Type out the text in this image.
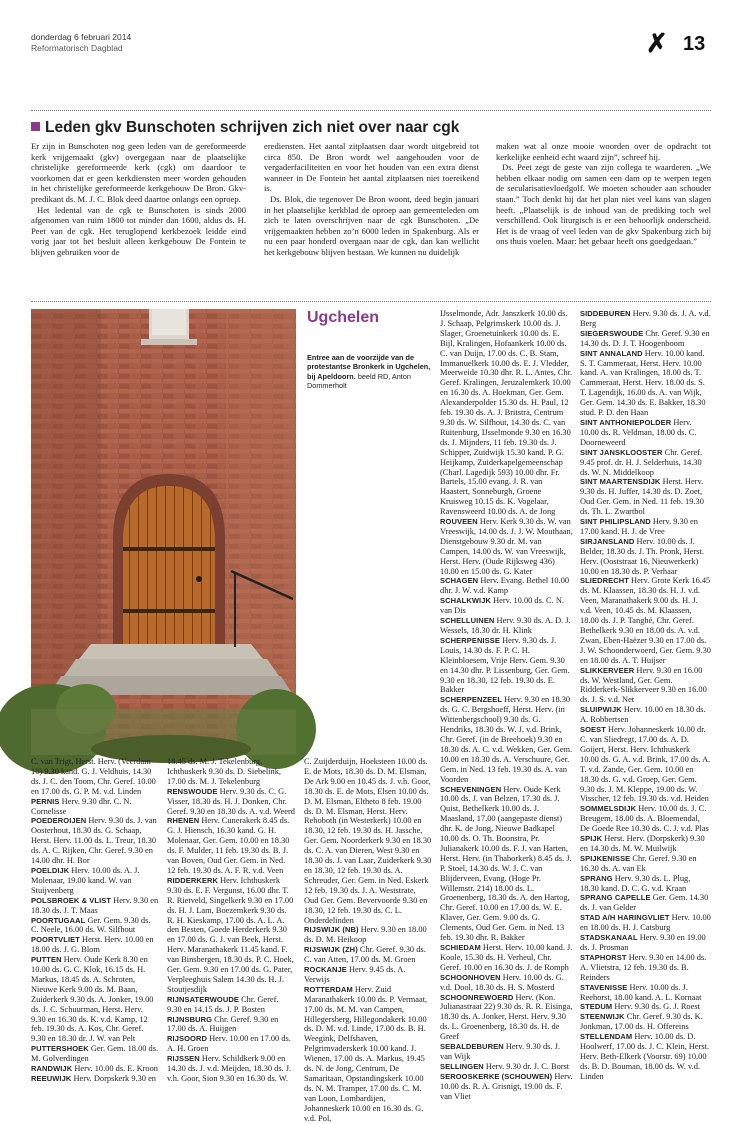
donderdag 6 februari 2014
Reformatorisch Dagblad	✗ 13
Leden gkv Bunschoten schrijven zich niet over naar cgk

Er zijn in Bunschoten nog geen leden van de gereformeerde kerk vrijgemaakt (gkv) overgegaan naar de plaatselijke christelijke gereformeerde kerk (cgk) om daardoor te voorkomen dat er geen kerkdiensten meer worden gehouden in het christelijke gereformeerde kerkgebouw De Bron. Gkv-predikant ds. M. J. C. Blok deed daartoe onlangs een oproep.

Het ledental van de cgk te Bunschoten is sinds 2000 afgenomen van ruim 1800 tot minder dan 1600, aldus ds. H. Peet van de cgk. Het teruglopend kerkbezoek leidde eind vorig jaar tot het besluit alleen kerkgebouw De Fontein te blijven gebruiken voor de

erediensten. Het aantal zitplaatsen daar wordt uitgebreid tot circa 850. De Bron wordt wel aangehouden voor de vergaderfaciliteiten en voor het houden van een extra dienst wanneer in De Fontein het aantal zitplaatsen niet toereikend is.

Ds. Blok, die tegenover De Bron woont, deed begin januari in het plaatselijke kerkblad de oproep aan gemeenteleden om zich te laten overschrijven naar de cgk Bunschoten. „De vrijgemaakten hebben zo’n 6000 leden in Spakenburg. Als er nu een paar honderd overgaan naar de cgk, dan kan wellicht het kerkgebouw blijven bestaan. We kunnen nu duidelijk

maken wat al onze mooie woorden over de opdracht tot kerkelijke eenheid echt waard zijn”, schreef hij.

Ds. Peet zegt de geste van zijn collega te waarderen. „We hebben elkaar nodig om samen een dam op te werpen tegen de secularisatievloedgolf. We moeten schouder aan schouder staan.” Toch denkt hij dat het plan niet veel kans van slagen heeft. „Plaatselijk is de inhoud van de prediking toch wel verschillend. Ook liturgisch is er een behoorlijk onderscheid. Het is de vraag of veel leden van de gkv Spakenburg zich bij ons thuis voelen. Maar: het gebaar heeft ons goedgedaan.”

Ugchelen
Entree aan de voorzijde van de protestantse Bronkerk in Ugchelen, bij Apeldoorn. beeld RD, Anton Dommerholt
IJsselmonde, Adr. Janszkerk 10.00 ds. J. Schaap, Pelgrimskerk 10.00 ds. J. Slager, Groenetuinkerk 10.00 ds. E. Bijl, Kralingen, Hofaankerk 10.00 ds. C. van Duijn, 17.00 ds. C. B. Stam, Immanuelkerk 10.00 ds. E. J. Vledder, Meerweide 10.30 dhr. R. L. Antes, Chr. Geref. Kralingen, Jeruzalemkerk 10.00 en 16.30 ds. A. Hoekman, Ger. Gem. Alexanderpolder 15.30 ds. H. Paul, 12 feb. 19.30 ds. A. J. Britstra, Centrum 9.30 ds. W. Silfhout, 14.30 ds. C. van Ruitenburg, IJsselmonde 9.30 en 16.30 ds. J. Mijnders, 11 feb. 19.30 ds. J. Schipper, Zuidwijk 15.30 kand. P. G. Heijkamp, Zuiderkapelgemeenschap (Charl. Lagedijk 593) 10.00 dhr. Fr. Bartels, 15.00 evang. J. R. van Haastert, Sonneburgh, Groene Kruisweg 10.15 ds. K. Vogelaar, Ravensweerd 10.00 ds. A. de Jong
ROUVEEN Herv. Kerk 9.30 ds. W. van Vreeswijk, 14.00 ds. J. J. W. Mouthaan, Dienstgebouw 9.30 dr. M. van Campen, 14.00 ds. W. van Vreeswijk, Herst. Herv. (Oude Rijksweg 436) 10.00 en 15.00 ds. G. Kater
SCHAGEN Herv. Evang. Bethel 10.00 dhr. J. W. v.d. Kamp
SCHALKWIJK Herv. 10.00 ds. C. N. van Dis
SCHELLUINEN Herv. 9.30 ds. A. D. J. Wessels, 18.30 dr. H. Klink
SCHERPENISSE Herv. 9.30 ds. J. Louis, 14.30 ds. F. P. C. H. Kleinbloesem, Vrije Herv. Gem. 9.30 en 14.30 dhr. P. Lissenburg, Ger. Gem. 9.30 en 18.30, 12 feb. 19.30 ds. E. Bakker
SCHERPENZEEL Herv. 9.30 en 18.30 ds. G. C. Bergshoeff, Herst. Herv. (in Wittenbergschool) 9.30 ds. G. Hendriks, 18.30 ds. W. J. v.d. Brink, Chr. Geref. (in de Breehoek) 9.30 en 18.30 ds. A. C. v.d. Wekken, Ger. Gem. 10.00 en 18.30 ds. A. Verschuure, Ger. Gem. in Ned. 13 feb. 19.30 ds. A. van Voorden
SCHEVENINGEN Herv. Oude Kerk 10.00 ds. J. van Belzen, 17.30 ds. J. Quist, Bethelkerk 10.00 ds. J. Maasland, 17.00 (aangepaste dienst) dhr. K. de Jong, Nieuwe Badkapel 10.00 ds. O. Th. Boonstra, Pr. Julianakerk 10.00 ds. F. J. van Harten, Herst. Herv. (in Thaborkerk) 8.45 ds. J. P. Stoel, 14.30 ds. W. J. C. van Blijderveen, Evang. (Hoge Pr. Willemstr. 214) 18.00 ds. L. Groenenberg, 18.30 ds. A. den Hartog, Chr. Geref. 10.00 en 17.00 ds. W. E. Klaver, Ger. Gem. 9.00 ds. G. Clements, Oud Ger. Gem. in Ned. 13 feb. 19.30 dhr. R. Bakker
SCHIEDAM Herst. Herv. 10.00 kand. J. Koole, 15.30 ds. H. Verheul, Chr. Geref. 10.00 en 16.30 ds. J. de Romph
SCHOONHOVEN Herv. 10.00 ds. G. v.d. Dool, 18.30 ds. H. S. Mosterd
SCHOONREWOERD Herv. (Kon. Julianastraat 22) 9.30 ds. R. R. Eisinga, 18.30 ds. A. Jonker, Herst. Herv. 9.30 ds. L. Groenenberg, 18.30 ds. H. de Greef
SEBALDEBUREN Herv. 9.30 ds. J. van Wijk
SELLINGEN Herv. 9.30 dr. J. C. Borst
SEROOSKERKE (SCHOUWEN) Herv. 10.00 ds. R. A. Grisnigt, 19.00 ds. F. van Vliet
SIDDEBUREN Herv. 9.30 ds. J. A. v.d. Berg
SIEGERSWOUDE Chr. Geref. 9.30 en 14.30 ds. D. J. T. Hoogenboom
SINT ANNALAND Herv. 10.00 kand. S. T. Cammeraat, Herst. Herv. 10.00 kand. A. van Kralingen, 18.00 ds. T. Cammeraat, Herst. Herv. 18.00 ds. S. T. Lagendijk, 16.00 ds. A. van Wijk, Ger. Gem. 14.30 ds. E. Bakker, 18.30 stud. P. D. den Haan
SINT ANTHONIEPOLDER Herv. 10.00 ds. R. Veldman, 18.00 ds. C. Doorneweerd
SINT JANSKLOOSTER Chr. Geref. 9.45 prof. dr. H. J. Selderhuis, 14.30 ds. W. N. Middelkoop
SINT MAARTENSDIJK Herst. Herv. 9.30 ds. H. Juffer, 14.30 ds. D. Zoet, Oud Ger. Gem. in Ned. 11 feb. 19.30 ds. Th. L. Zwartbol
SINT PHILIPSLAND Herv. 9.30 en 17.00 kand. H. J. de Vree
SIRJANSLAND Herv. 10.00 ds. J. Belder, 18.30 ds. J. Th. Pronk, Herst. Herv. (Ooststraat 16, Nieuwerkerk) 10.00 en 18.30 ds. P. Verhaar
SLIEDRECHT Herv. Grote Kerk 16.45 ds. M. Klaassen, 18.30 ds. H. J. v.d. Veen, Maranathakerk 9.00 ds. H. J. v.d. Veen, 10.45 ds. M. Klaassen, 18.00 ds. J. P. Tanghé, Chr. Geref. Bethelkerk 9.30 en 18.00 ds. A. v.d. Zwan, Eben-Haëzer 9.30 en 17.00 ds. J. W. Schoonderwoerd, Ger. Gem. 9.30 en 18.00 ds. A. T. Huijser
SLIKKERVEER Herv. 9.30 en 16.00 ds. W. Westland, Ger. Gem. Ridderkerk-Slikkerveer 9.30 en 16.00 ds. J. S. v.d. Net
SLUIPWIJK Herv. 10.00 en 18.30 ds. A. Robbertsen
SOEST Herv. Johanneskerk 10.00 dr. C. van Sliedregt, 17.00 ds. A. D. Goijert, Herst. Herv. Ichthuskerk 10.00 ds. G. A. v.d. Brink, 17.00 ds. A. T. v.d. Zande, Ger. Gem. 10.00 en 18.30 ds. G. v.d. Groep, Ger. Gem. 9.30 ds. J. M. Kleppe, 19.00 ds. W. Visscher, 12 feb. 19.30 ds. v.d. Heiden
SOMMELSDIJK Herv. 10.00 ds. J. C. Breugem, 18.00 ds. A. Bloemendal, De Goede Ree 10.30 ds. C. J. v.d. Plas
SPIJK Herst. Herv. (Dorpskerk) 9.30 en 14.30 ds. M. W. Muilwijk
SPIJKENISSE Chr. Geref. 9.30 en 16.30 ds. A. van Ek
SPRANG Herv. 9.30 ds. L. Plug, 18.30 kand. D. C. G. v.d. Kraan
SPRANG CAPELLE Ger. Gem. 14.30 ds. J. van Gelder
STAD A/H HARINGVLIET Herv. 10.00 en 18.00 ds. H. J. Catsburg
STADSKANAAL Herv. 9.30 en 19.00 ds. J. Prosman
STAPHORST Herv. 9.30 en 14.00 ds. A. Vlietstra, 12 feb. 19.30 ds. B. Reinders
STAVENISSE Herv. 10.00 ds. J. Reehorst, 18.00 kand. A. L. Kornaat
STEDUM Herv. 9.30 ds. G. J. Roest
STEENWIJK Chr. Geref. 9.30 ds. K. Jonkman, 17.00 ds. H. Offereins
STELLENDAM Herv. 10.00 ds. D. Hoolwerf, 17.00 ds. J. C. Klein, Herst. Herv. Beth-Elkerk (Voorstr. 69) 10.00 ds. B. D. Bouman, 18.00 ds. W. v.d. Linden
C. van Trigt, Herst. Herv. (Veerdam 10) 9.30 kand. G. J. Veldhuis, 14.30 ds. J. C. den Toom, Chr. Geref. 10.00 en 17.00 ds. G. P. M. v.d. Linden
PERNIS Herv. 9.30 dhr. C. N. Cornelisse
POEDEROIJEN Herv. 9.30 ds. J. van Oosterhout, 18.30 ds. G. Schaap, Herst. Herv. 11.00 ds. L. Treur, 18.30 ds. A. C. Rijken, Chr. Geref. 9.30 en 14.00 dhr. H. Bor
POELDIJK Herv. 10.00 ds. A. J. Molenaar, 19.00 kand. W. van Stuijvenberg
POLSBROEK & VLIST Herv. 9.30 en 18.30 ds. J. T. Maas
POORTUGAAL Ger. Gem. 9.30 ds. C. Neele, 16.00 ds. W. Silfhout
POORTVLIET Herst. Herv. 10.00 en 18.00 ds. J. G. Blom
PUTTEN Herv. Oude Kerk 8.30 en 10.00 ds. G. C. Klok, 16.15 ds. H. Markus, 18.45 ds. A. Schroten, Nieuwe Kerk 9.00 ds. M. Baan, Zuiderkerk 9.30 ds. A. Jonker, 19.00 ds. J. C. Schuurman, Herst. Herv. 9.30 en 16.30 ds. K. v.d. Kamp, 12 feb. 19.30 ds. A. Kos, Chr. Geref. 9.30 en 18.30 dr. J. W. van Pelt
PUTTERSHOEK Ger. Gem. 18.00 ds. M. Golverdingen
RANDWIJK Herv. 10.00 ds. E. Kroon
REEUWIJK Herv. Dorpskerk 9.30 en
18.45 ds. M. J. Tekelenburg, Ichthuskerk 9.30 ds. D. Siebelink, 17.00 ds. M. J. Tekelenburg
RENSWOUDE Herv. 9.30 ds. C. G. Visser, 18.30 ds. H. J. Donken, Chr. Geref. 9.30 en 18.30 ds. A. v.d. Weerd
RHENEN Herv. Cunerakerk 8.45 ds. G. J. Hiensch, 16.30 kand. G. H. Molenaar, Ger. Gem. 10.00 en 18.30 ds. F. Mulder, 11 feb. 19.30 ds. B. J. van Boven, Oud Ger. Gem. in Ned. 12 feb. 19.30 ds. A. F. R. v.d. Veen
RIDDERKERK Herv. Ichthuskerk 9.30 ds. E. F. Vergunst, 16.00 dhr. T. R. Rietveld, Singelkerk 9.30 en 17.00 ds. H. J. Lam, Boezemkerk 9.30 ds. R. H. Kieskamp, 17.00 ds. A. L. A. den Besten, Goede Herderkerk 9.30 en 17.00 ds. G. J. van Beek, Herst. Herv. Maranathakerk 11.45 kand. F. van Binsbergen, 18.30 ds. P. C. Hoek, Ger. Gem. 9.30 en 17.00 ds. G. Pater, Verpleeghuis Salem 14.30 ds. H. J. Stoutjesdijk
RIJNSATERWOUDE Chr. Geref. 9.30 en 14.15 ds. J. P. Bosten
RIJNSBURG Chr. Geref. 9.30 en 17.00 ds. A. Huijgen
RIJSOORD Herv. 10.00 en 17.00 ds. A. H. Groen
RIJSSEN Herv. Schildkerk 9.00 en 14.30 ds. J. v.d. Meijden, 18.30 ds. J. v.h. Goor, Sion 9.30 en 16.30 ds. W.
C. Zuijderduijn, Hoeksteen 10.00 ds. E. de Mots, 18.30 ds. D. M. Elsman, De Ark 9.00 en 10.45 ds. J. v.h. Goor, 18.30 ds. E. de Mots, Elsen 10.00 ds. D. M. Elsman, Eltheto 8 feb. 19.00 ds. D. M. Elsman, Herst. Herv. Rehoboth (in Westerkerk) 10.00 en 18.30, 12 feb. 19.30 ds. H. Jassche, Ger. Gem. Noorderkerk 9.30 en 18.30 ds. C. A. van Dieren, West 9.30 en 18.30 ds. J. van Laar, Zuiderkerk 9.30 en 18.30, 12 feb. 19.30 ds. A. Schreuder, Ger. Gem. in Ned. Eskerk 12 feb. 19.30 ds. J. A. Weststrate, Oud Ger. Gem. Bevervoorde 9.30 en 18.30, 12 feb. 19.30 ds. C. L. Onderdelinden
RIJSWIJK (NB) Herv. 9.30 en 18.00 ds. D. M. Heikoop
RIJSWIJK (ZH) Chr. Geref. 9.30 ds. C. van Atten, 17.00 ds. M. Groen
ROCKANJE Herv. 9.45 ds. A. Verwijs
ROTTERDAM Herv. Zuid Maranathakerk 10.00 ds. P. Vermaat, 17.00 ds. M. M. van Campen, Hillegersberg, Hillegondakerk 10.00 ds. D. M. v.d. Linde, 17.00 ds. B. H. Weegink, Delfshaven, Pelgrimvaderskerk 10.00 kand. J. Wienen, 17.00 ds. A. Markus, 19.45 ds. N. de Jong, Centrum, De Samaritaan, Opstandingskerk 10.00 ds. N. M. Tramper, 17.00 ds. C. M. van Loon, Lombardijen, Johanneskerk 10.00 en 16.30 ds. G. v.d. Pol,
